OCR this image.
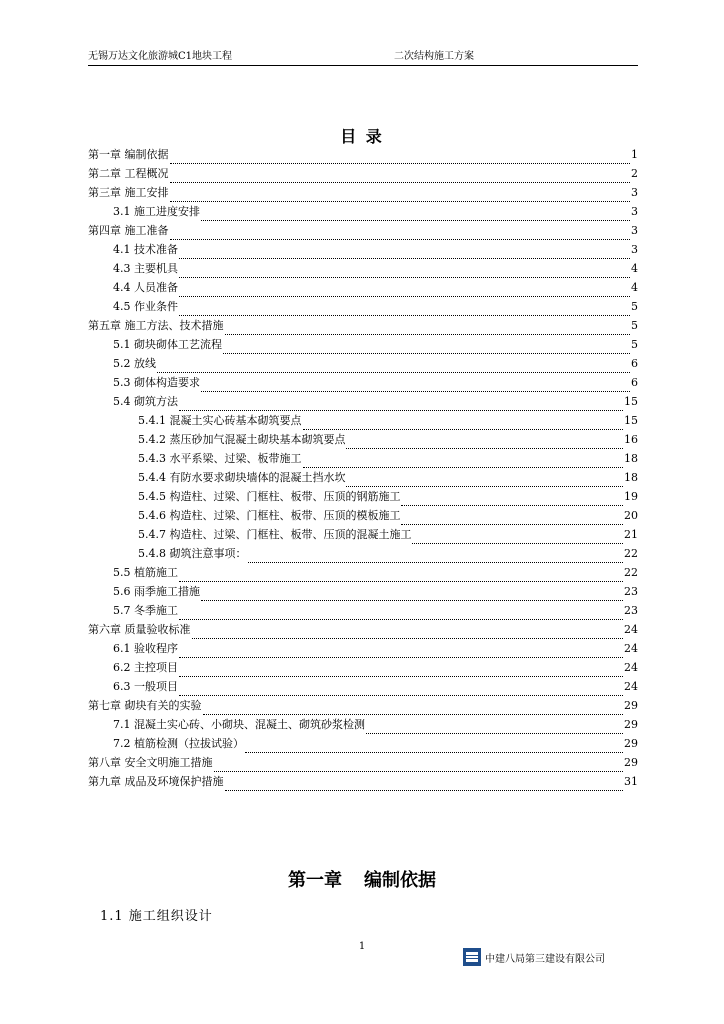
无锡万达文化旅游城C1地块工程	二次结构施工方案
目 录
第一章 编制依据	1
第二章 工程概况	2
第三章 施工安排	3
3.1 施工进度安排	3
第四章 施工准备	3
4.1 技术准备	3
4.3 主要机具	4
4.4 人员准备	4
4.5 作业条件	5
第五章 施工方法、技术措施	5
5.1 砌块砌体工艺流程	5
5.2 放线	6
5.3 砌体构造要求	6
5.4 砌筑方法	15
5.4.1 混凝土实心砖基本砌筑要点	15
5.4.2 蒸压砂加气混凝土砌块基本砌筑要点	16
5.4.3 水平系梁、过梁、板带施工	18
5.4.4 有防水要求砌块墙体的混凝土挡水坎	18
5.4.5 构造柱、过梁、门框柱、板带、压顶的钢筋施工	19
5.4.6 构造柱、过梁、门框柱、板带、压顶的模板施工	20
5.4.7 构造柱、过梁、门框柱、板带、压顶的混凝土施工	21
5.4.8 砌筑注意事项：	22
5.5 植筋施工	22
5.6 雨季施工措施	23
5.7 冬季施工	23
第六章 质量验收标准	24
6.1 验收程序	24
6.2 主控项目	24
6.3 一般项目	24
第七章 砌块有关的实验	29
7.1 混凝土实心砖、小砌块、混凝土、砌筑砂浆检测	29
7.2 植筋检测（拉拔试验）	29
第八章 安全文明施工措施	29
第九章 成品及环境保护措施	31
第一章 编制依据
1.1 施工组织设计
1
中建八局第三建设有限公司
